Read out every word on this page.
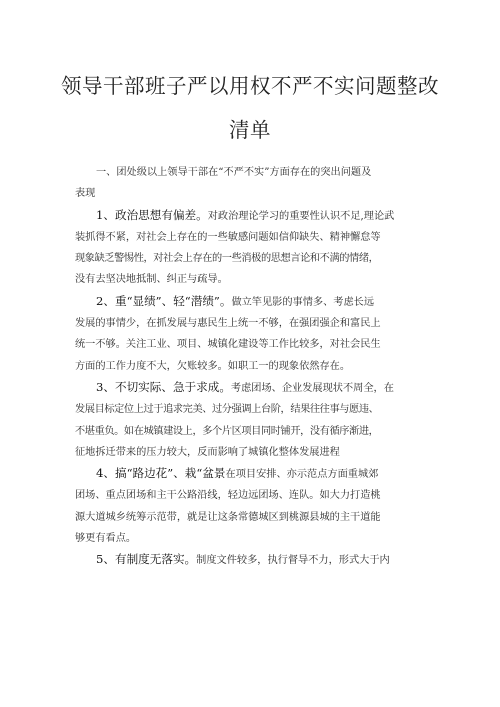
领导干部班子严以用权不严不实问题整改
清单
一、团处级以上领导干部在“不严不实”方面存在的突出问题及
表现
1、政治思想有偏差。对政治理论学习的重要性认识不足,理论武
装抓得不紧，对社会上存在的一些敏感问题如信仰缺失、精神懈怠等
现象缺乏警惕性，对社会上存在的一些消极的思想言论和不满的情绪，
没有去坚决地抵制、纠正与疏导。
2、重“显绩”、轻“潜绩”。做立竿见影的事情多、考虑长远
发展的事情少，在抓发展与惠民生上统一不够，在强团强企和富民上
统一不够。关注工业、项目、城镇化建设等工作比较多，对社会民生
方面的工作力度不大，欠账较多。如职工一的现象依然存在。
3、不切实际、急于求成。考虑团场、企业发展现状不周全，在
发展目标定位上过于追求完美、过分强调上台阶，结果往往事与愿违、
不堪重负。如在城镇建设上，多个片区项目同时铺开，没有循序渐进，
征地拆迁带来的压力较大，反而影响了城镇化整体发展进程
4、搞“路边花”、栽“盆景在项目安排、亦示范点方面重城郊
团场、重点团场和主干公路沿线，轻边远团场、连队。如大力打造桃
源大道城乡统筹示范带，就是让这条常德城区到桃源县城的主干道能
够更有看点。
5、有制度无落实。制度文件较多，执行督导不力，形式大于内
